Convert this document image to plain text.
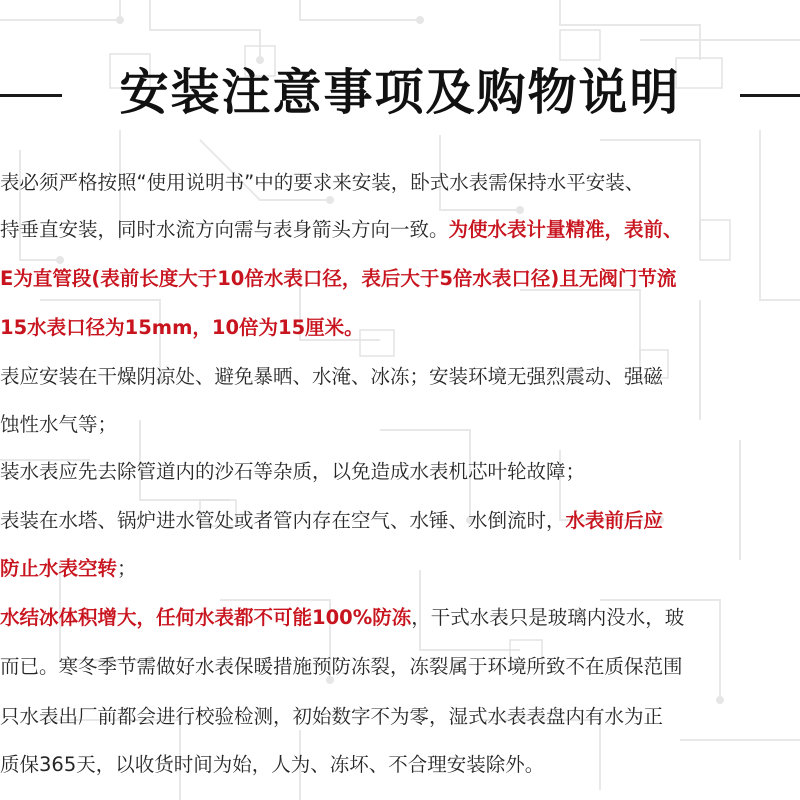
安装注意事项及购物说明
表必须严格按照“使用说明书”中的要求来安装，卧式水表需保持水平安装、
持垂直安装，同时水流方向需与表身箭头方向一致。为使水表计量精准，表前、
E为直管段(表前长度大于10倍水表口径，表后大于5倍水表口径)且无阀门节流
15水表口径为15mm，10倍为15厘米。
表应安装在干燥阴凉处、避免暴晒、水淹、冰冻；安装环境无强烈震动、强磁
蚀性水气等；
装水表应先去除管道内的沙石等杂质，以免造成水表机芯叶轮故障；
表装在水塔、锅炉进水管处或者管内存在空气、水锤、水倒流时，水表前后应
防止水表空转；
水结冰体积增大，任何水表都不可能100%防冻，干式水表只是玻璃内没水，玻
而已。寒冬季节需做好水表保暖措施预防冻裂，冻裂属于环境所致不在质保范围
只水表出厂前都会进行校验检测，初始数字不为零，湿式水表表盘内有水为正
质保365天，以收货时间为始，人为、冻坏、不合理安装除外。
